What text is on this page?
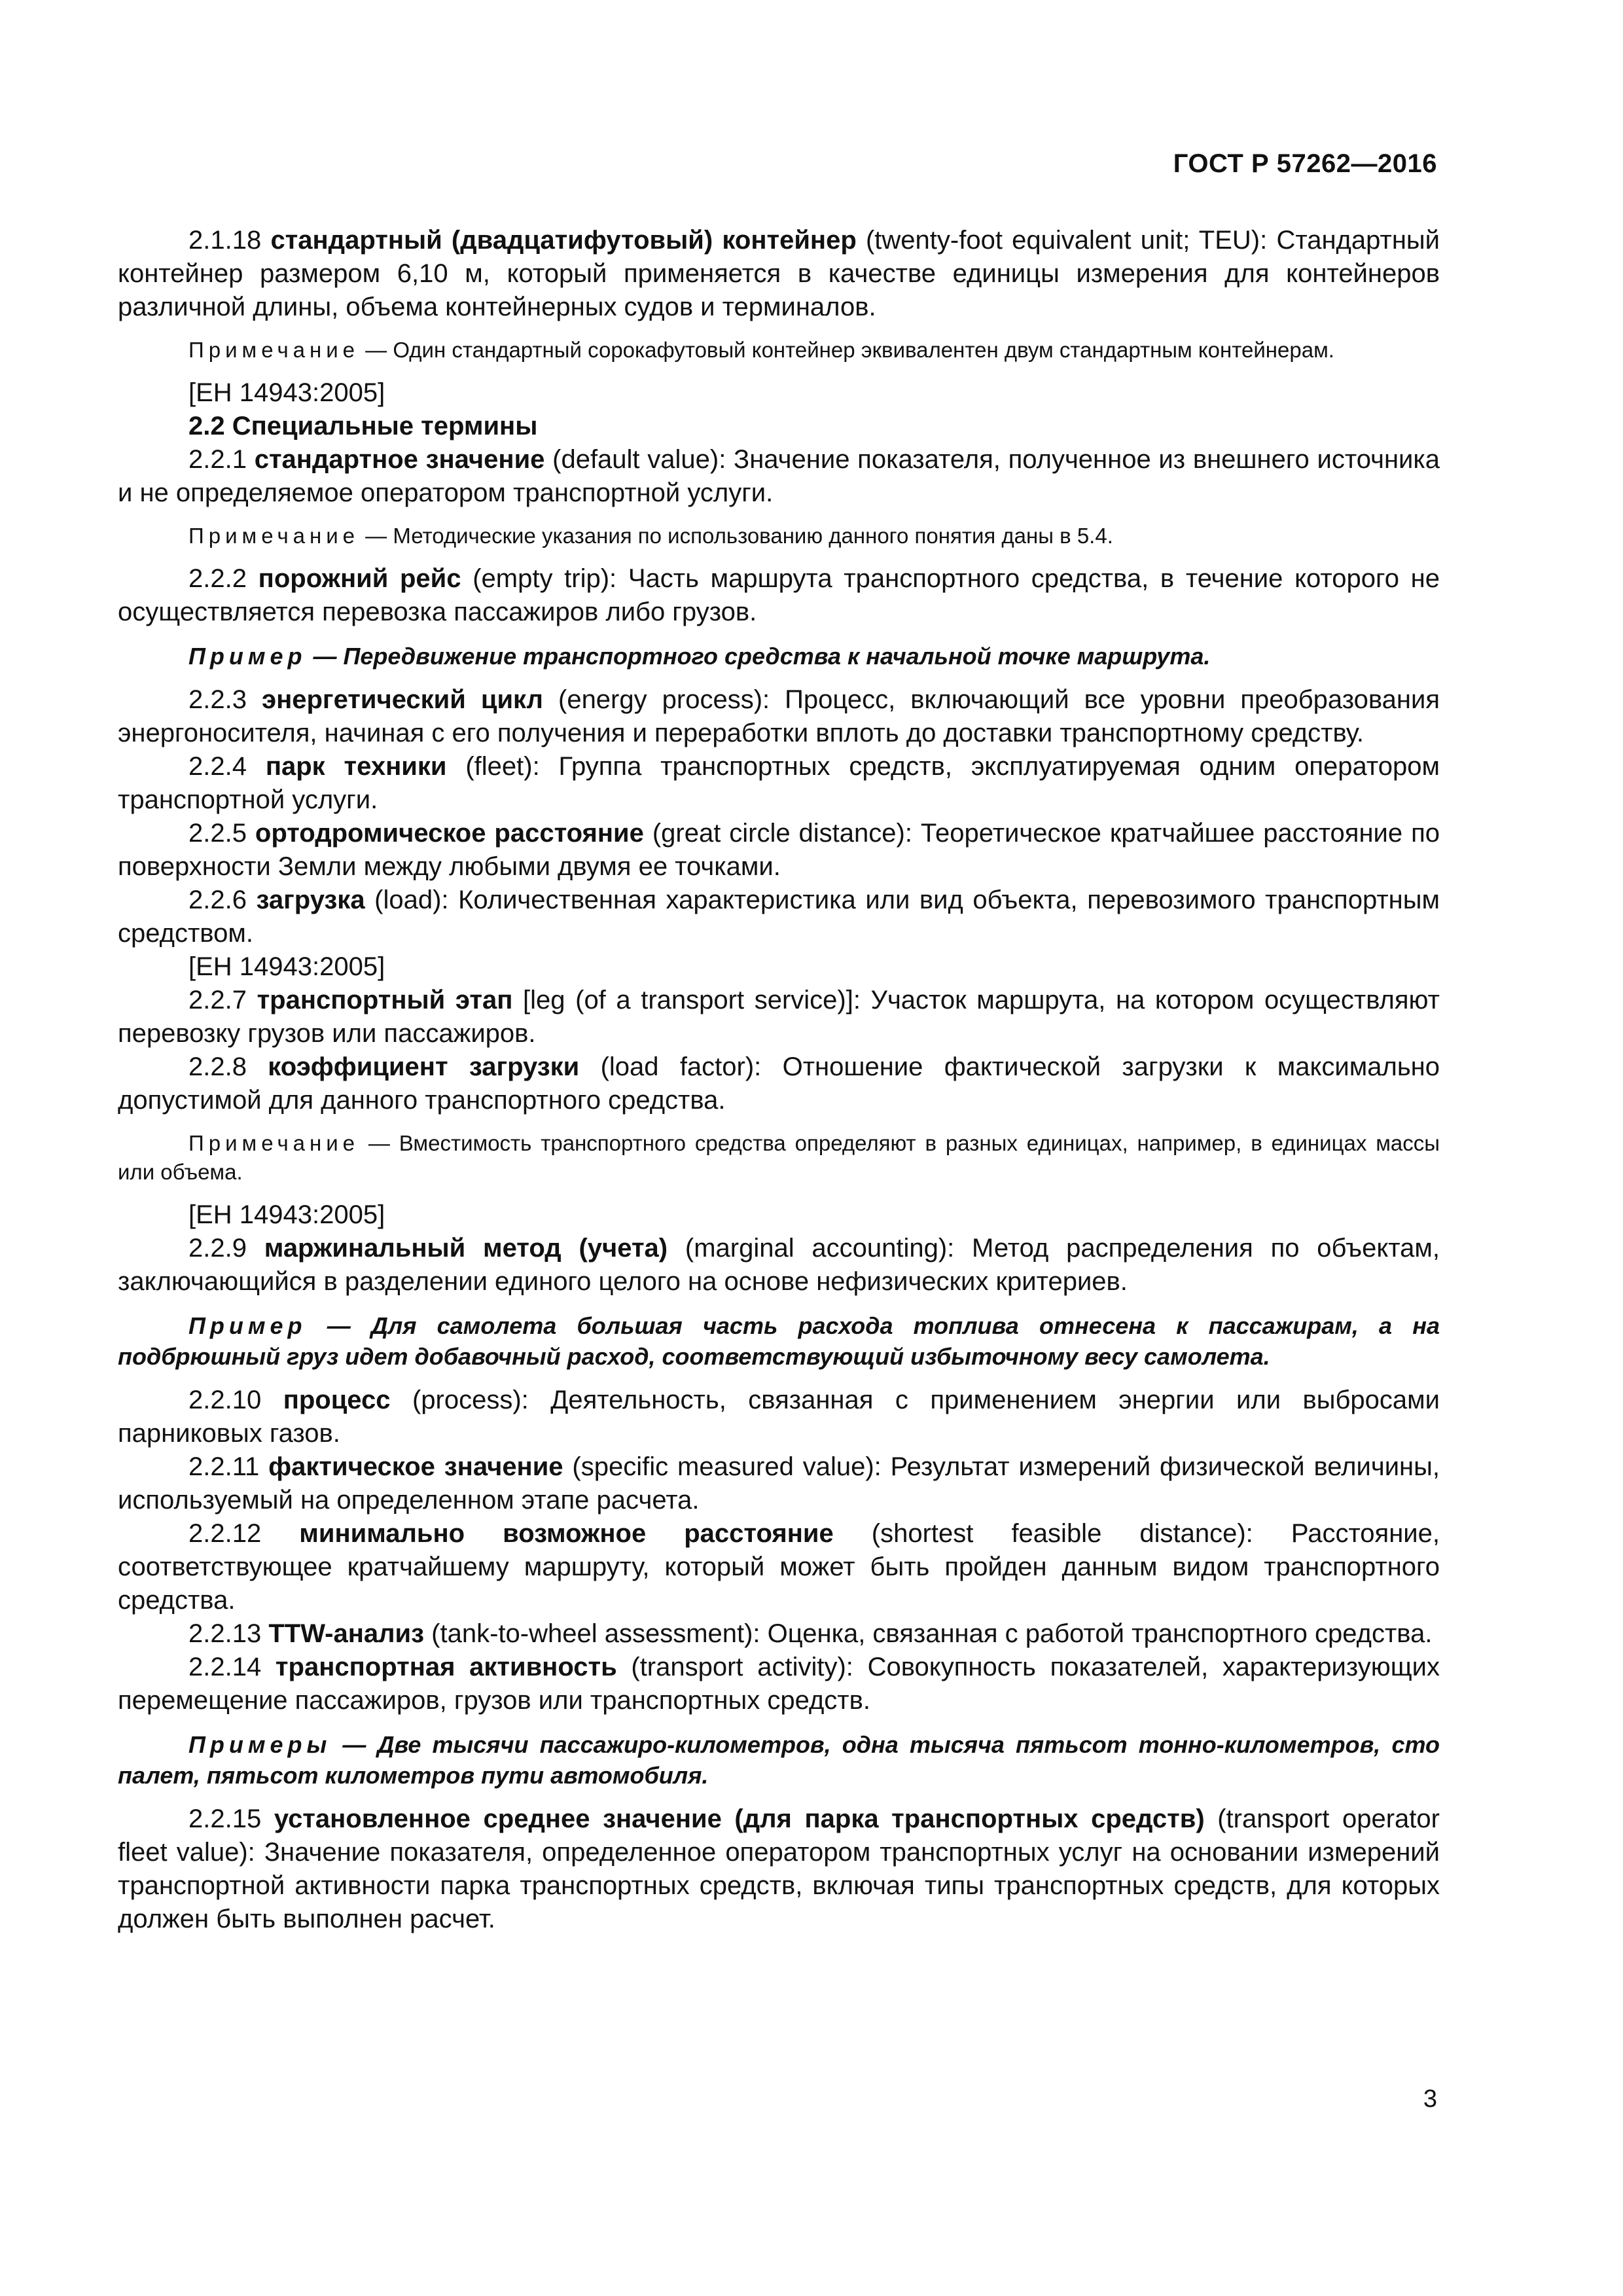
ГОСТ Р 57262—2016

2.1.18 стандартный (двадцатифутовый) контейнер (twenty-foot equivalent unit; TEU): Стандартный контейнер размером 6,10 м, который применяется в качестве единицы измерения для контейнеров различной длины, объема контейнерных судов и терминалов.

Примечание — Один стандартный сорокафутовый контейнер эквивалентен двум стандартным контейнерам.

[ЕН 14943:2005]

2.2 Специальные термины

2.2.1 стандартное значение (default value): Значение показателя, полученное из внешнего источника и не определяемое оператором транспортной услуги.

Примечание — Методические указания по использованию данного понятия даны в 5.4.

2.2.2 порожний рейс (empty trip): Часть маршрута транспортного средства, в течение которого не осуществляется перевозка пассажиров либо грузов.

Пример — Передвижение транспортного средства к начальной точке маршрута.

2.2.3 энергетический цикл (energy process): Процесс, включающий все уровни преобразования энергоносителя, начиная с его получения и переработки вплоть до доставки транспортному средству.

2.2.4 парк техники (fleet): Группа транспортных средств, эксплуатируемая одним оператором транспортной услуги.

2.2.5 ортодромическое расстояние (great circle distance): Теоретическое кратчайшее расстояние по поверхности Земли между любыми двумя ее точками.

2.2.6 загрузка (load): Количественная характеристика или вид объекта, перевозимого транспортным средством.

[ЕН 14943:2005]

2.2.7 транспортный этап [leg (of a transport service)]: Участок маршрута, на котором осуществляют перевозку грузов или пассажиров.

2.2.8 коэффициент загрузки (load factor): Отношение фактической загрузки к максимально допустимой для данного транспортного средства.

Примечание — Вместимость транспортного средства определяют в разных единицах, например, в единицах массы или объема.

[ЕН 14943:2005]

2.2.9 маржинальный метод (учета) (marginal accounting): Метод распределения по объектам, заключающийся в разделении единого целого на основе нефизических критериев.

Пример — Для самолета большая часть расхода топлива отнесена к пассажирам, а на подбрюшный груз идет добавочный расход, соответствующий избыточному весу самолета.

2.2.10 процесс (process): Деятельность, связанная с применением энергии или выбросами парниковых газов.

2.2.11 фактическое значение (specific measured value): Результат измерений физической величины, используемый на определенном этапе расчета.

2.2.12 минимально возможное расстояние (shortest feasible distance): Расстояние, соответствующее кратчайшему маршруту, который может быть пройден данным видом транспортного средства.

2.2.13 TTW-анализ (tank-to-wheel assessment): Оценка, связанная с работой транспортного средства.

2.2.14 транспортная активность (transport activity): Совокупность показателей, характеризующих перемещение пассажиров, грузов или транспортных средств.

Примеры — Две тысячи пассажиро-километров, одна тысяча пятьсот тонно-километров, сто палет, пятьсот километров пути автомобиля.

2.2.15 установленное среднее значение (для парка транспортных средств) (transport operator fleet value): Значение показателя, определенное оператором транспортных услуг на основании измерений транспортной активности парка транспортных средств, включая типы транспортных средств, для которых должен быть выполнен расчет.

3
